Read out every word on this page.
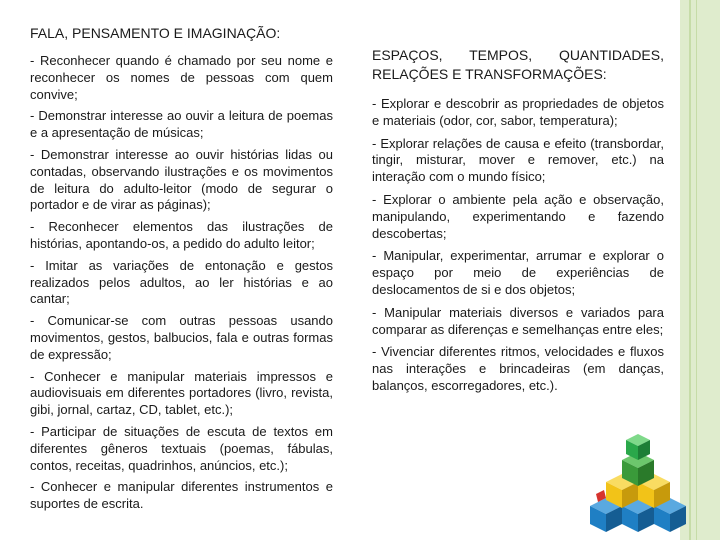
FALA, PENSAMENTO E IMAGINAÇÃO:
- Reconhecer quando é chamado por seu nome e reconhecer os nomes de pessoas com quem convive;
- Demonstrar interesse ao ouvir a leitura de poemas e a apresentação de músicas;
- Demonstrar interesse ao ouvir histórias lidas ou contadas, observando ilustrações e os movimentos de leitura do adulto-leitor (modo de segurar o portador e de virar as páginas);
- Reconhecer elementos das ilustrações de histórias, apontando-os, a pedido do adulto leitor;
- Imitar as variações de entonação e gestos realizados pelos adultos, ao ler histórias e ao cantar;
- Comunicar-se com outras pessoas usando movimentos, gestos, balbucios, fala e outras formas de expressão;
- Conhecer e manipular materiais impressos e audiovisuais em diferentes portadores (livro, revista, gibi, jornal, cartaz, CD, tablet, etc.);
- Participar de situações de escuta de textos em diferentes gêneros textuais (poemas, fábulas, contos, receitas, quadrinhos, anúncios, etc.);
- Conhecer e manipular diferentes instrumentos e suportes de escrita.
ESPAÇOS, TEMPOS, QUANTIDADES, RELAÇÕES E TRANSFORMAÇÕES:
- Explorar e descobrir as propriedades de objetos e materiais (odor, cor, sabor, temperatura);
- Explorar relações de causa e efeito (transbordar, tingir, misturar, mover e remover, etc.) na interação com o mundo físico;
- Explorar o ambiente pela ação e observação, manipulando, experimentando e fazendo descobertas;
- Manipular, experimentar, arrumar e explorar o espaço por meio de experiências de deslocamentos de si e dos objetos;
- Manipular materiais diversos e variados para comparar as diferenças e semelhanças entre eles;
- Vivenciar diferentes ritmos, velocidades e fluxos nas interações e brincadeiras (em danças, balanços, escorregadores, etc.).
